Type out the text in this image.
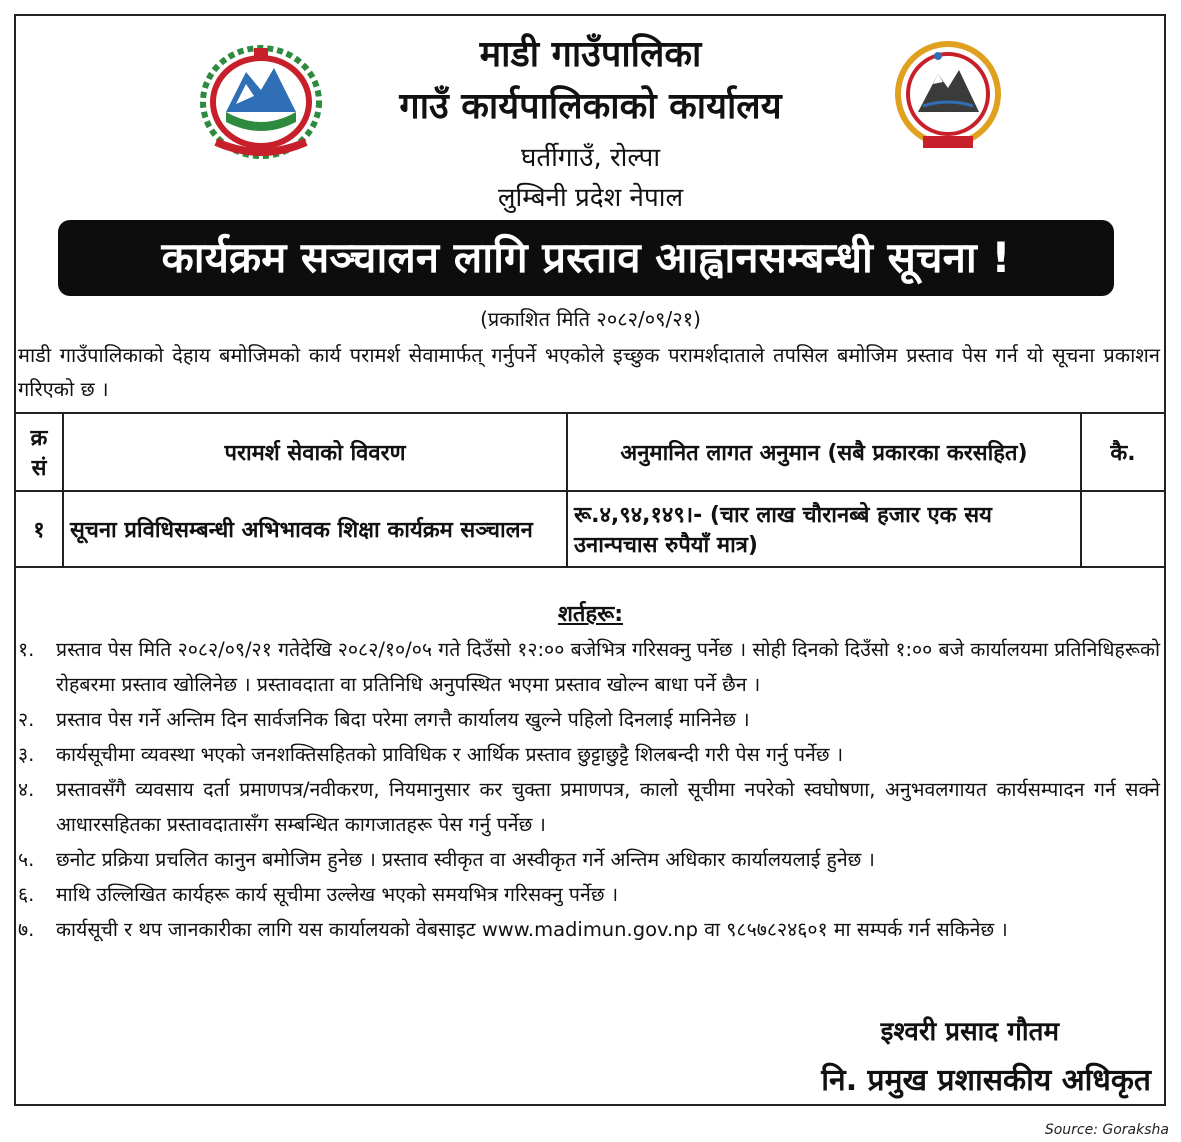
माडी गाउँपालिका
गाउँ कार्यपालिकाको कार्यालय
घर्तीगाउँ, रोल्पा
लुम्बिनी प्रदेश नेपाल
कार्यक्रम सञ्चालन लागि प्रस्ताव आह्वानसम्बन्धी सूचना !
(प्रकाशित मिति २०८२/०९/२१)
माडी गाउँपालिकाको देहाय बमोजिमको कार्य परामर्श सेवामार्फत् गर्नुपर्ने भएकोले इच्छुक परामर्शदाताले तपसिल बमोजिम प्रस्ताव पेस गर्न यो सूचना प्रकाशन गरिएको छ ।
क्र सं	परामर्श सेवाको विवरण	अनुमानित लागत अनुमान (सबै प्रकारका करसहित)	कै.
१	सूचना प्रविधिसम्बन्धी अभिभावक शिक्षा कार्यक्रम सञ्चालन	रू.४,९४,१४९।- (चार लाख चौरानब्बे हजार एक सय उनान्पचास रुपैयाँ मात्र)	
शर्तहरू:
१.	प्रस्ताव पेस मिति २०८२/०९/२१ गतेदेखि २०८२/१०/०५ गते दिउँसो १२:०० बजेभित्र गरिसक्नु पर्नेछ । सोही दिनको दिउँसो १:०० बजे कार्यालयमा प्रतिनिधिहरूको रोहबरमा प्रस्ताव खोलिनेछ । प्रस्तावदाता वा प्रतिनिधि अनुपस्थित भएमा प्रस्ताव खोल्न बाधा पर्ने छैन ।
२.	प्रस्ताव पेस गर्ने अन्तिम दिन सार्वजनिक बिदा परेमा लगत्तै कार्यालय खुल्ने पहिलो दिनलाई मानिनेछ ।
३.	कार्यसूचीमा व्यवस्था भएको जनशक्तिसहितको प्राविधिक र आर्थिक प्रस्ताव छुट्टाछुट्टै शिलबन्दी गरी पेस गर्नु पर्नेछ ।
४.	प्रस्तावसँगै व्यवसाय दर्ता प्रमाणपत्र/नवीकरण, नियमानुसार कर चुक्ता प्रमाणपत्र, कालो सूचीमा नपरेको स्वघोषणा, अनुभवलगायत कार्यसम्पादन गर्न सक्ने आधारसहितका प्रस्तावदातासँग सम्बन्धित कागजातहरू पेस गर्नु पर्नेछ ।
५.	छनोट प्रक्रिया प्रचलित कानुन बमोजिम हुनेछ । प्रस्ताव स्वीकृत वा अस्वीकृत गर्ने अन्तिम अधिकार कार्यालयलाई हुनेछ ।
६.	माथि उल्लिखित कार्यहरू कार्य सूचीमा उल्लेख भएको समयभित्र गरिसक्नु पर्नेछ ।
७.	कार्यसूची र थप जानकारीका लागि यस कार्यालयको वेबसाइट www.madimun.gov.np वा ९८५७८२४६०१ मा सम्पर्क गर्न सकिनेछ ।
इश्वरी प्रसाद गौतम
नि. प्रमुख प्रशासकीय अधिकृत
Source: Goraksha
